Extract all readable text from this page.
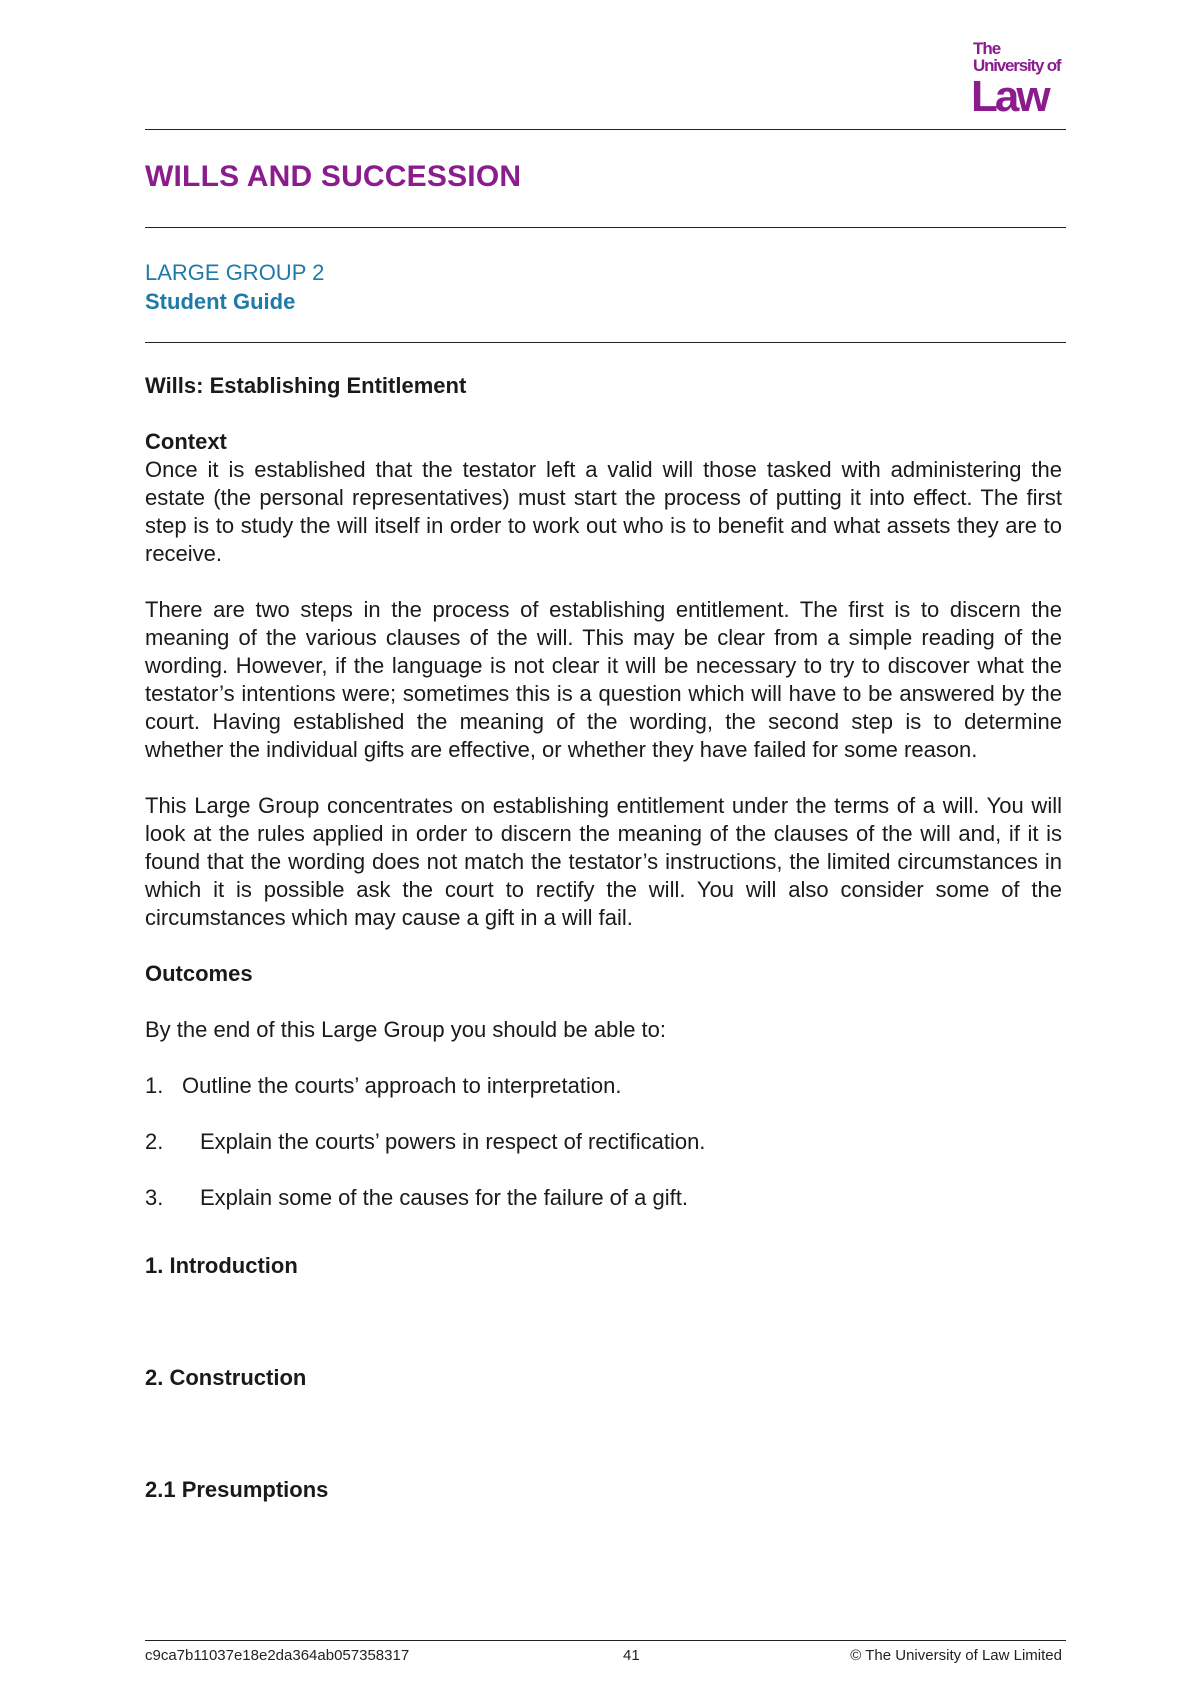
The
University of
Law
WILLS AND SUCCESSION
LARGE GROUP 2
Student Guide
Wills: Establishing Entitlement
Context

Once it is established that the testator left a valid will those tasked with administering the estate (the personal representatives) must start the process of putting it into effect. The first step is to study the will itself in order to work out who is to benefit and what assets they are to receive.

There are two steps in the process of establishing entitlement. The first is to discern the meaning of the various clauses of the will. This may be clear from a simple reading of the wording. However, if the language is not clear it will be necessary to try to discover what the testator’s intentions were; sometimes this is a question which will have to be answered by the court. Having established the meaning of the wording, the second step is to determine whether the individual gifts are effective, or whether they have failed for some reason.

This Large Group concentrates on establishing entitlement under the terms of a will. You will look at the rules applied in order to discern the meaning of the clauses of the will and, if it is found that the wording does not match the testator’s instructions, the limited circumstances in which it is possible ask the court to rectify the will. You will also consider some of the circumstances which may cause a gift in a will fail.

Outcomes

By the end of this Large Group you should be able to:

1. Outline the courts’ approach to interpretation.
2.	Explain the courts’ powers in respect of rectification.
3.	Explain some of the causes for the failure of a gift.
1. Introduction
2. Construction
2.1 Presumptions
c9ca7b11037e18e2da364ab057358317	41	© The University of Law Limited
